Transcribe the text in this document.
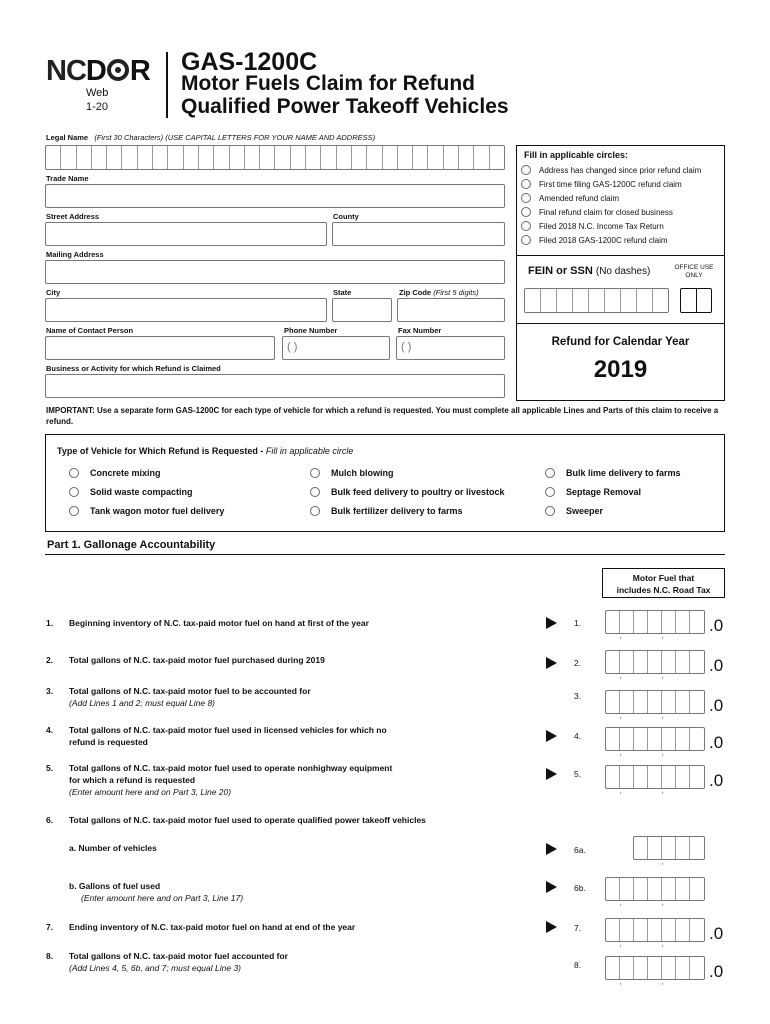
NCD R
Web
1-20
GAS-1200C
Motor Fuels Claim for Refund
Qualified Power Takeoff Vehicles
Legal Name (First 30 Characters) (USE CAPITAL LETTERS FOR YOUR NAME AND ADDRESS)
Trade Name
Street Address	County
Mailing Address
City	State	Zip Code (First 5 digits)
Name of Contact Person	Phone Number	Fax Number
( )	( )
Business or Activity for which Refund is Claimed
Fill in applicable circles:
Address has changed since prior refund claim
First time filing GAS-1200C refund claim
Amended refund claim
Final refund claim for closed business
Filed 2018 N.C. Income Tax Return
Filed 2018 GAS-1200C refund claim
FEIN or SSN (No dashes)	OFFICE USE
ONLY
Refund for Calendar Year
2019
IMPORTANT: Use a separate form GAS-1200C for each type of vehicle for which a refund is requested. You must complete all applicable Lines and Parts of this claim to receive a refund.
Type of Vehicle for Which Refund is Requested - Fill in applicable circle
Concrete mixing	Mulch blowing	Bulk lime delivery to farms
Solid waste compacting	Bulk feed delivery to poultry or livestock	Septage Removal
Tank wagon motor fuel delivery	Bulk fertilizer delivery to farms	Sweeper
Part 1. Gallonage Accountability
Motor Fuel that
includes N.C. Road Tax
1. Beginning inventory of N.C. tax-paid motor fuel on hand at first of the year	1. , ,	.0
2. Total gallons of N.C. tax-paid motor fuel purchased during 2019	2. , ,	.0
3. Total gallons of N.C. tax-paid motor fuel to be accounted for
(Add Lines 1 and 2; must equal Line 8)
3. , ,	.0
4. Total gallons of N.C. tax-paid motor fuel used in licensed vehicles for which no
refund is requested
4. , ,	.0
5. Total gallons of N.C. tax-paid motor fuel used to operate nonhighway equipment
for which a refund is requested
(Enter amount here and on Part 3, Line 20)
5. , ,	.0
6. Total gallons of N.C. tax-paid motor fuel used to operate qualified power takeoff vehicles
a. Number of vehicles	6a.
,
b. Gallons of fuel used
(Enter amount here and on Part 3, Line 17)
6b.
,
,
7. Ending inventory of N.C. tax-paid motor fuel on hand at end of the year	7. , ,	.0
8. Total gallons of N.C. tax-paid motor fuel accounted for
(Add Lines 4, 5, 6b, and 7; must equal Line 3)	8. , ,	.0
